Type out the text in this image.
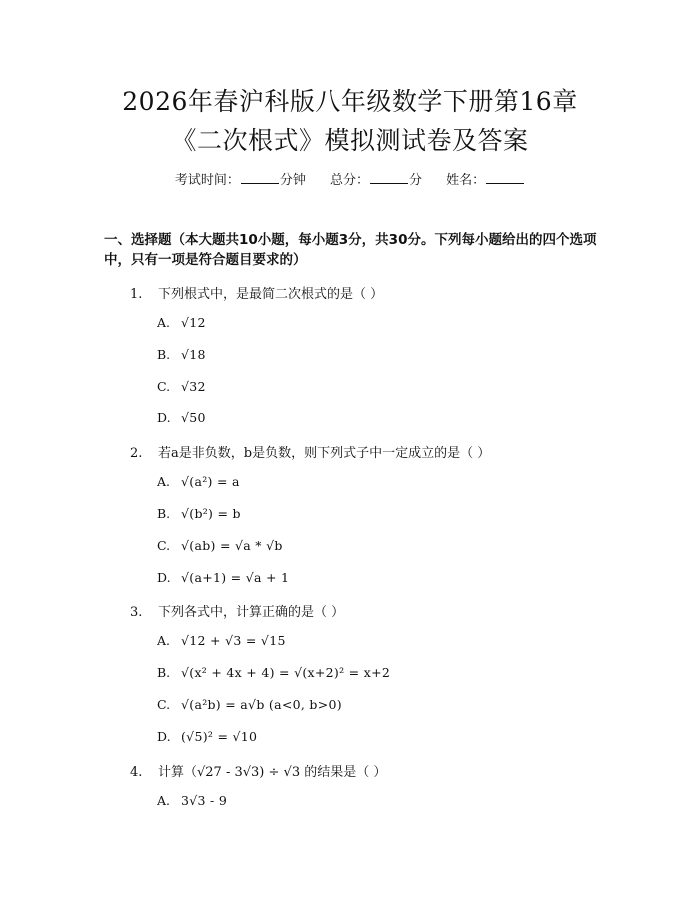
2026年春沪科版八年级数学下册第16章
《二次根式》模拟测试卷及答案
考试时间：	分钟 总分：	分 姓名：
一、选择题（本大题共10小题，每小题3分，共30分。下列每小题给出的四个选项中，只有一项是符合题目要求的）
1. 下列根式中，是最简二次根式的是（ ）
A. √12
B. √18
C. √32
D. √50
2. 若a是非负数，b是负数，则下列式子中一定成立的是（ ）
A. √(a²) = a
B. √(b²) = b
C. √(ab) = √a * √b
D. √(a+1) = √a + 1
3. 下列各式中，计算正确的是（ ）
A. √12 + √3 = √15
B. √(x² + 4x + 4) = √(x+2)² = x+2
C. √(a²b) = a√b (a<0, b>0)
D. (√5)² = √10
4. 计算（√27 - 3√3) ÷ √3 的结果是（ ）
A. 3√3 - 9
